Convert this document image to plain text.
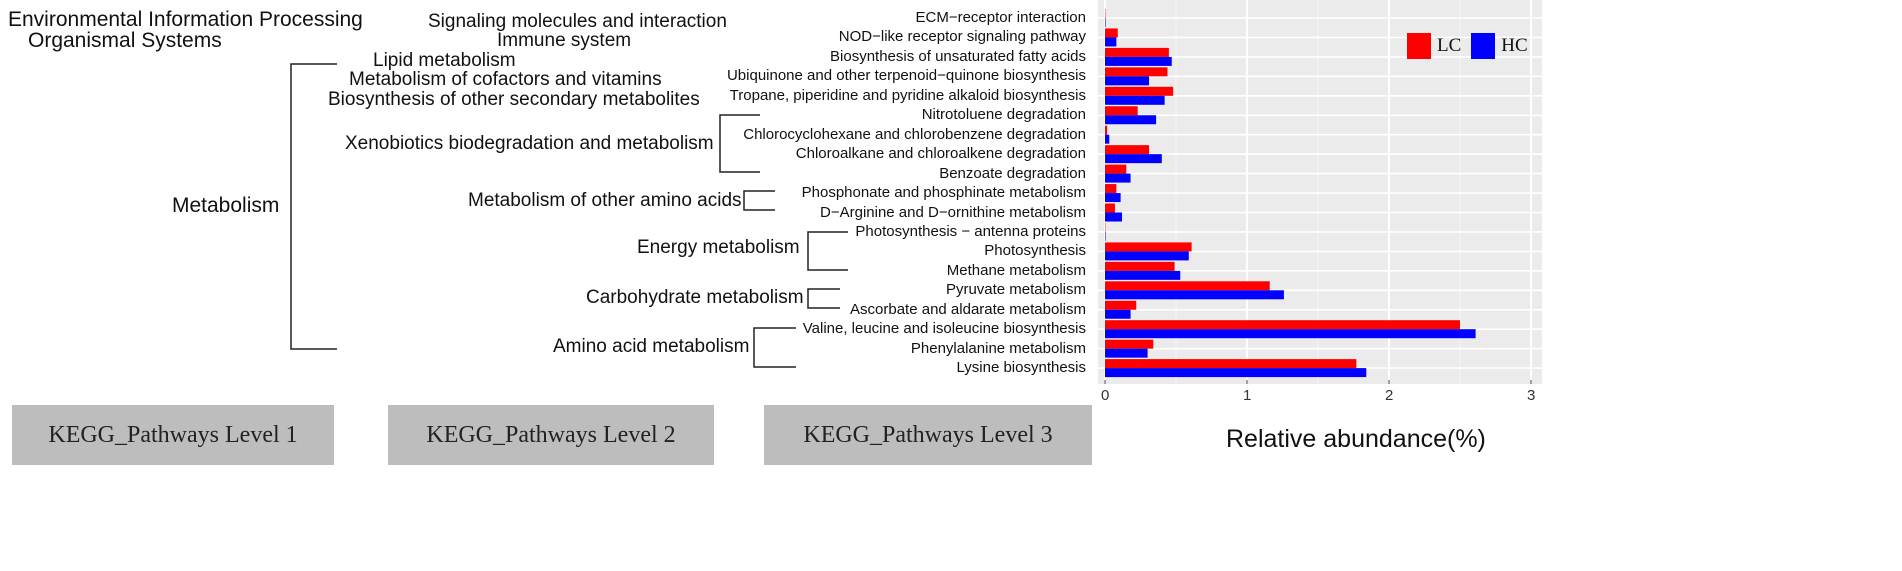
Environmental Information Processing
Organismal Systems
Metabolism
Signaling molecules and interaction
Immune system
Lipid metabolism
Metabolism of cofactors and vitamins
Biosynthesis of other secondary metabolites
Xenobiotics biodegradation and metabolism
Metabolism of other amino acids
Energy metabolism
Carbohydrate metabolism
Amino acid metabolism
ECM−receptor interaction
NOD−like receptor signaling pathway
Biosynthesis of unsaturated fatty acids
Ubiquinone and other terpenoid−quinone biosynthesis
Tropane, piperidine and pyridine alkaloid biosynthesis
Nitrotoluene degradation
Chlorocyclohexane and chlorobenzene degradation
Chloroalkane and chloroalkene degradation
Benzoate degradation
Phosphonate and phosphinate metabolism
D−Arginine and D−ornithine metabolism
Photosynthesis − antenna proteins
Photosynthesis
Methane metabolism
Pyruvate metabolism
Ascorbate and aldarate metabolism
Valine, leucine and isoleucine biosynthesis
Phenylalanine metabolism
Lysine biosynthesis
0	1	2	3
Relative abundance(%)
LC HC
KEGG_Pathways Level 1	KEGG_Pathways Level 2	KEGG_Pathways Level 3
